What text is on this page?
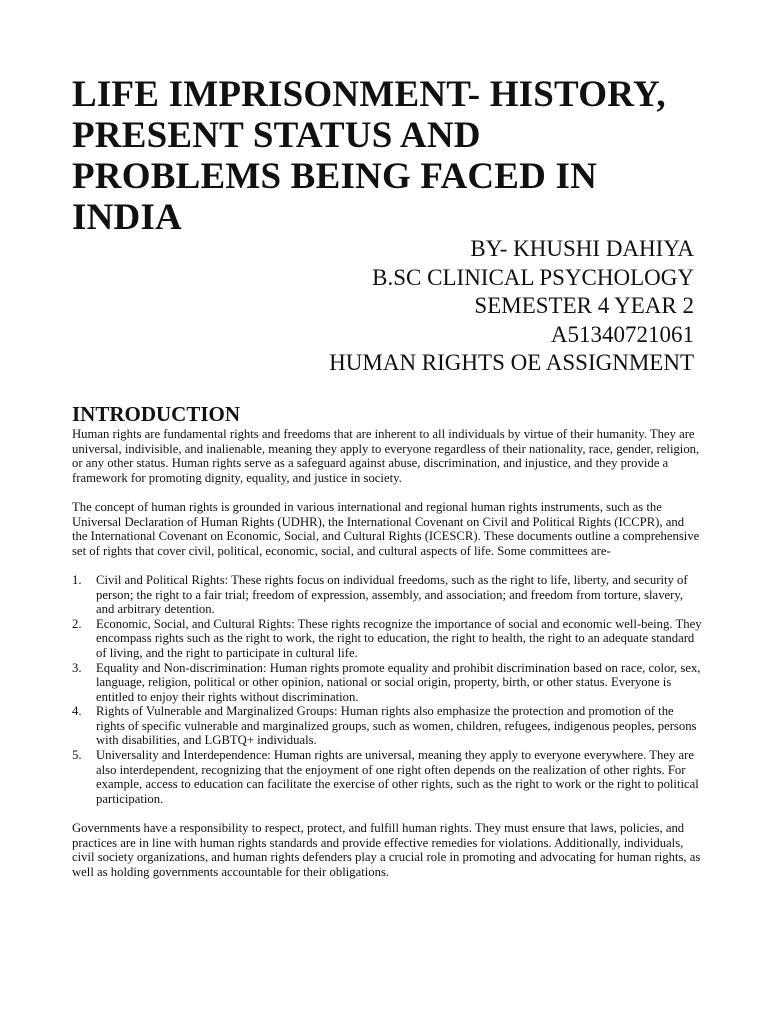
LIFE IMPRISONMENT- HISTORY,
PRESENT STATUS AND
PROBLEMS BEING FACED IN
INDIA
BY- KHUSHI DAHIYA
B.SC CLINICAL PSYCHOLOGY
SEMESTER 4 YEAR 2
A51340721061
HUMAN RIGHTS OE ASSIGNMENT
INTRODUCTION

Human rights are fundamental rights and freedoms that are inherent to all individuals by virtue of their humanity. They are universal, indivisible, and inalienable, meaning they apply to everyone regardless of their nationality, race, gender, religion, or any other status. Human rights serve as a safeguard against abuse, discrimination, and injustice, and they provide a framework for promoting dignity, equality, and justice in society.

The concept of human rights is grounded in various international and regional human rights instruments, such as the Universal Declaration of Human Rights (UDHR), the International Covenant on Civil and Political Rights (ICCPR), and the International Covenant on Economic, Social, and Cultural Rights (ICESCR). These documents outline a comprehensive set of rights that cover civil, political, economic, social, and cultural aspects of life. Some committees are-

1. Civil and Political Rights: These rights focus on individual freedoms, such as the right to life, liberty, and security of person; the right to a fair trial; freedom of expression, assembly, and association; and freedom from torture, slavery, and arbitrary detention.
2. Economic, Social, and Cultural Rights: These rights recognize the importance of social and economic well-being. They encompass rights such as the right to work, the right to education, the right to health, the right to an adequate standard of living, and the right to participate in cultural life.
3. Equality and Non-discrimination: Human rights promote equality and prohibit discrimination based on race, color, sex, language, religion, political or other opinion, national or social origin, property, birth, or other status. Everyone is entitled to enjoy their rights without discrimination.
4. Rights of Vulnerable and Marginalized Groups: Human rights also emphasize the protection and promotion of the rights of specific vulnerable and marginalized groups, such as women, children, refugees, indigenous peoples, persons with disabilities, and LGBTQ+ individuals.
5. Universality and Interdependence: Human rights are universal, meaning they apply to everyone everywhere. They are also interdependent, recognizing that the enjoyment of one right often depends on the realization of other rights. For example, access to education can facilitate the exercise of other rights, such as the right to work or the right to political participation.

Governments have a responsibility to respect, protect, and fulfill human rights. They must ensure that laws, policies, and practices are in line with human rights standards and provide effective remedies for violations. Additionally, individuals, civil society organizations, and human rights defenders play a crucial role in promoting and advocating for human rights, as well as holding governments accountable for their obligations.
